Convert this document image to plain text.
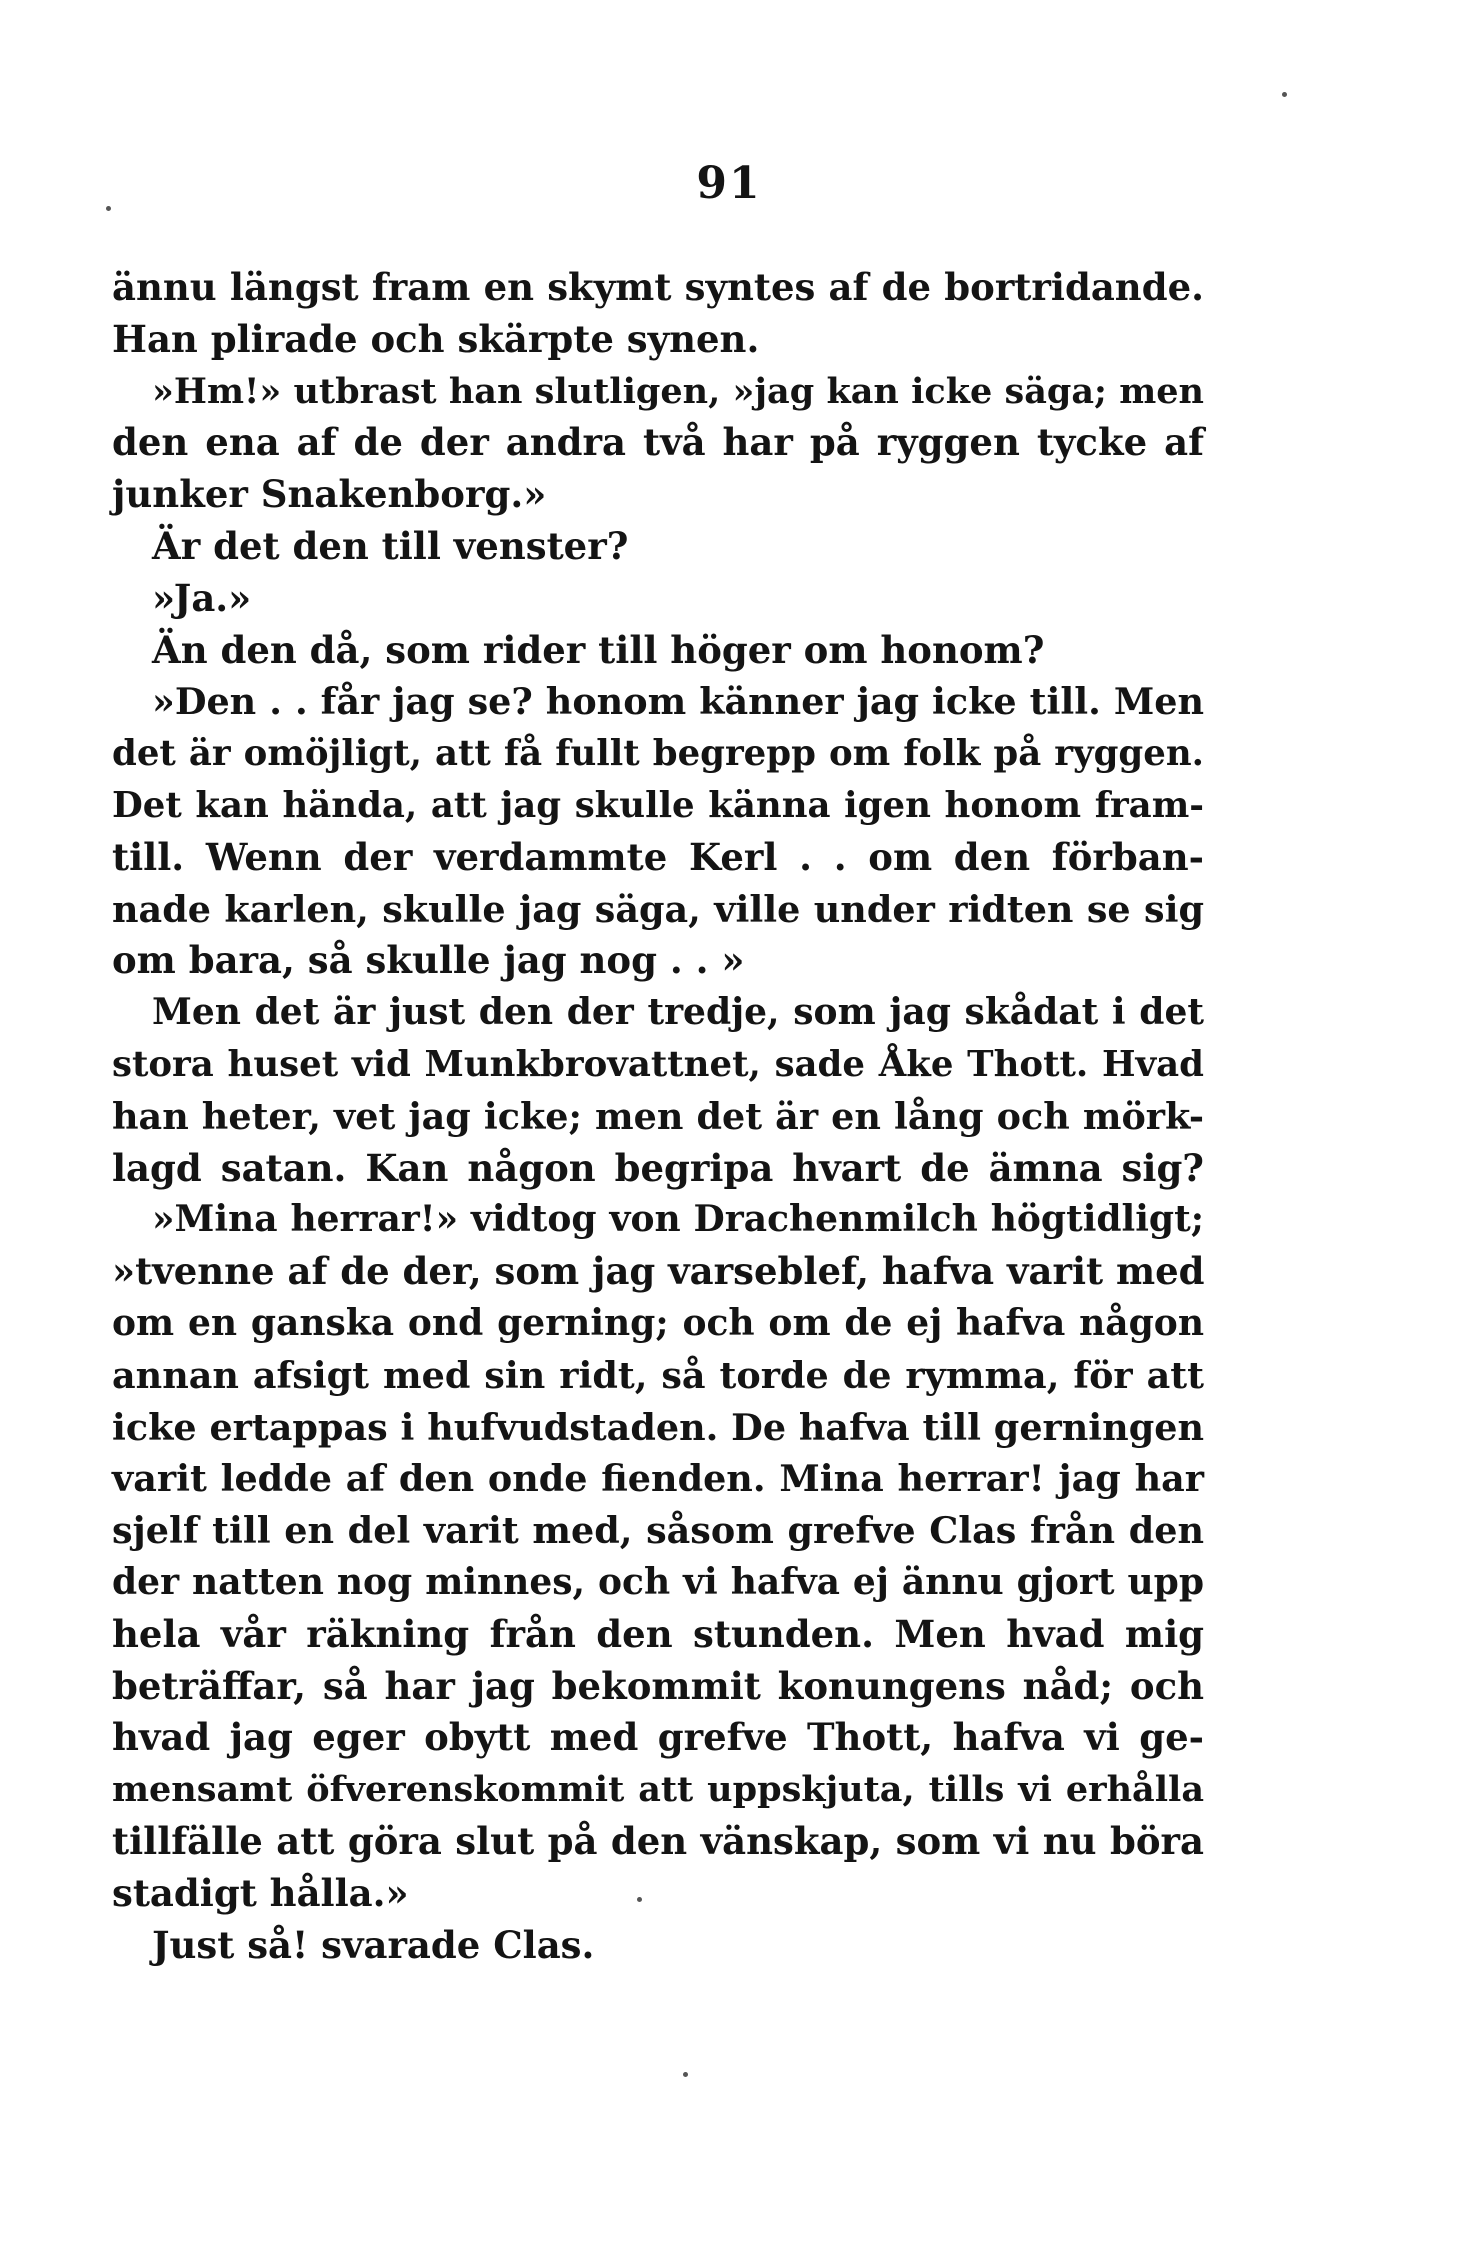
91
ännu längst fram en skymt syntes af de bortridande.
Han plirade och skärpte synen.
»Hm!» utbrast han slutligen, »jag kan icke säga; men
den ena af de der andra två har på ryggen tycke af
junker Snakenborg.»
Är det den till venster?
»Ja.»
Än den då, som rider till höger om honom?
»Den . . får jag se? honom känner jag icke till. Men
det är omöjligt, att få fullt begrepp om folk på ryggen.
Det kan hända, att jag skulle känna igen honom fram-
till. Wenn der verdammte Kerl . . om den förban-
nade karlen, skulle jag säga, ville under ridten se sig
om bara, så skulle jag nog . . »
Men det är just den der tredje, som jag skådat i det
stora huset vid Munkbrovattnet, sade Åke Thott. Hvad
han heter, vet jag icke; men det är en lång och mörk-
lagd satan. Kan någon begripa hvart de ämna sig?
»Mina herrar!» vidtog von Drachenmilch högtidligt;
»tvenne af de der, som jag varseblef, hafva varit med
om en ganska ond gerning; och om de ej hafva någon
annan afsigt med sin ridt, så torde de rymma, för att
icke ertappas i hufvudstaden. De hafva till gerningen
varit ledde af den onde fienden. Mina herrar! jag har
sjelf till en del varit med, såsom grefve Clas från den
der natten nog minnes, och vi hafva ej ännu gjort upp
hela vår räkning från den stunden. Men hvad mig
beträffar, så har jag bekommit konungens nåd; och
hvad jag eger obytt med grefve Thott, hafva vi ge-
mensamt öfverenskommit att uppskjuta, tills vi erhålla
tillfälle att göra slut på den vänskap, som vi nu böra
stadigt hålla.»
Just så! svarade Clas.
